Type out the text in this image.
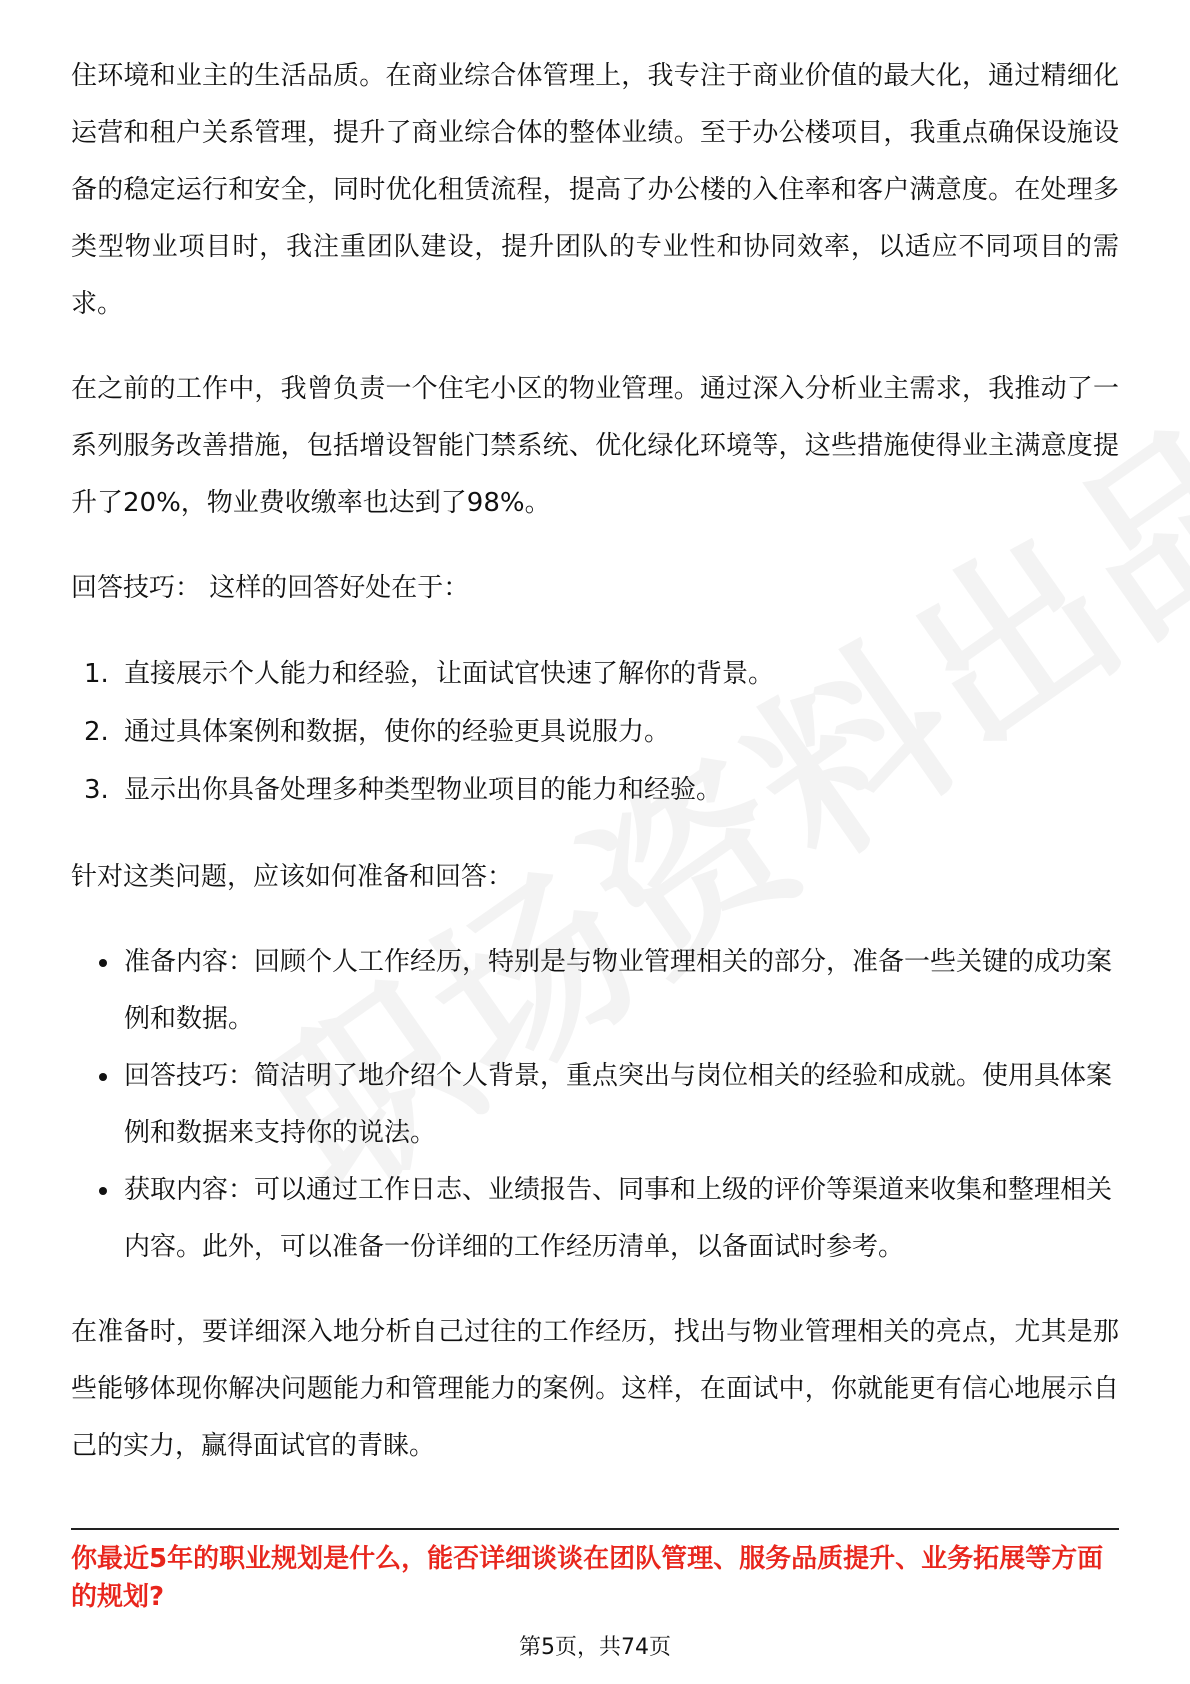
住环境和业主的生活品质。在商业综合体管理上，我专注于商业价值的最大化，通过精细化运营和租户关系管理，提升了商业综合体的整体业绩。至于办公楼项目，我重点确保设施设备的稳定运行和安全，同时优化租赁流程，提高了办公楼的入住率和客户满意度。在处理多类型物业项目时，我注重团队建设，提升团队的专业性和协同效率，以适应不同项目的需求。

在之前的工作中，我曾负责一个住宅小区的物业管理。通过深入分析业主需求，我推动了一系列服务改善措施，包括增设智能门禁系统、优化绿化环境等，这些措施使得业主满意度提升了20%，物业费收缴率也达到了98%。

回答技巧： 这样的回答好处在于：

1. 直接展示个人能力和经验，让面试官快速了解你的背景。
2. 通过具体案例和数据，使你的经验更具说服力。
3. 显示出你具备处理多种类型物业项目的能力和经验。

针对这类问题，应该如何准备和回答：

准备内容：回顾个人工作经历，特别是与物业管理相关的部分，准备一些关键的成功案例和数据。
回答技巧：简洁明了地介绍个人背景，重点突出与岗位相关的经验和成就。使用具体案例和数据来支持你的说法。
获取内容：可以通过工作日志、业绩报告、同事和上级的评价等渠道来收集和整理相关内容。此外，可以准备一份详细的工作经历清单，以备面试时参考。

在准备时，要详细深入地分析自己过往的工作经历，找出与物业管理相关的亮点，尤其是那些能够体现你解决问题能力和管理能力的案例。这样，在面试中，你就能更有信心地展示自己的实力，赢得面试官的青睐。

你最近5年的职业规划是什么，能否详细谈谈在团队管理、服务品质提升、业务拓展等方面的规划?
第5页，共74页
